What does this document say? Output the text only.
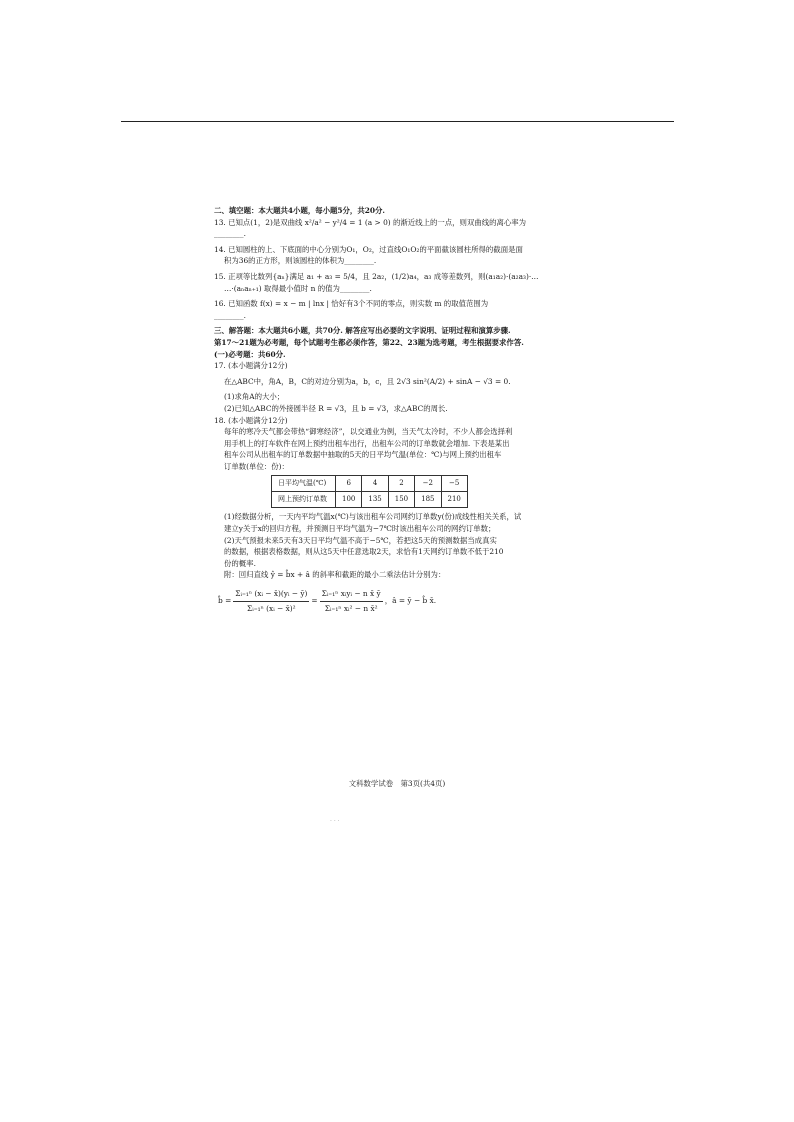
二、填空题：本大题共4小题，每小题5分，共20分.
13. 已知点(1，2)是双曲线 x²/a² − y²/4 = 1 (a > 0) 的渐近线上的一点，则双曲线的离心率为
________.
14. 已知圆柱的上、下底面的中心分别为O₁，O₂，过直线O₁O₂的平面截该圆柱所得的截面是面
积为36的正方形，则该圆柱的体积为________.
15. 正项等比数列{aₙ}满足 a₁ + a₃ = 5/4，且 2a₂，(1/2)a₄，a₃ 成等差数列，则(a₁a₂)·(a₂a₃)·…
…·(aₙaₙ₊₁) 取得最小值时 n 的值为________.
16. 已知函数 f(x) = x − m | lnx | 恰好有3个不同的零点，则实数 m 的取值范围为
________.
三、解答题：本大题共6小题，共70分. 解答应写出必要的文字说明、证明过程和演算步骤.
第17～21题为必考题，每个试题考生都必须作答，第22、23题为选考题，考生根据要求作答.
(一)必考题：共60分.
17. (本小题满分12分)
在△ABC中，角A，B，C的对边分别为a，b，c，且 2√3 sin²(A/2) + sinA − √3 = 0.
(1)求角A的大小；
(2)已知△ABC的外接圆半径 R = √3，且 b = √3，求△ABC的周长.
18. (本小题满分12分)
每年的寒冷天气都会带热“御寒经济”，以交通业为例，当天气太冷时，不少人都会选择利
用手机上的打车软件在网上预约出租车出行，出租车公司的订单数就会增加. 下表是某出
租车公司从出租车的订单数据中抽取的5天的日平均气温(单位：℃)与网上预约出租车
订单数(单位：份)：
日平均气温(℃)	6	4	2	−2	−5
网上预约订单数	100	135	150	185	210
(1)经数据分析，一天内平均气温x(℃)与该出租车公司网约订单数y(份)成线性相关关系，试
建立y关于x的回归方程，并预测日平均气温为−7℃时该出租车公司的网约订单数；
(2)天气预报未来5天有3天日平均气温不高于−5℃，若把这5天的预测数据当成真实
的数据，根据表格数据，则从这5天中任意选取2天，求恰有1天网约订单数不低于210
份的概率.
附：回归直线 ŷ = b̂x + â 的斜率和截距的最小二乘法估计分别为：
b̂ = $\frac{\text{Σᵢ₌₁ⁿ (xᵢ − x̄)(yᵢ − ȳ)}}{\text{Σᵢ₌₁ⁿ (xᵢ − x̄)²}} = \frac{\text{Σᵢ₌₁ⁿ xᵢyᵢ − n x̄ ȳ}}{\text{Σᵢ₌₁ⁿ xᵢ² − n x̄²}}$ ，â = ȳ − b̂ x̄.
文科数学试卷　第3页(共4页)
· · ·
